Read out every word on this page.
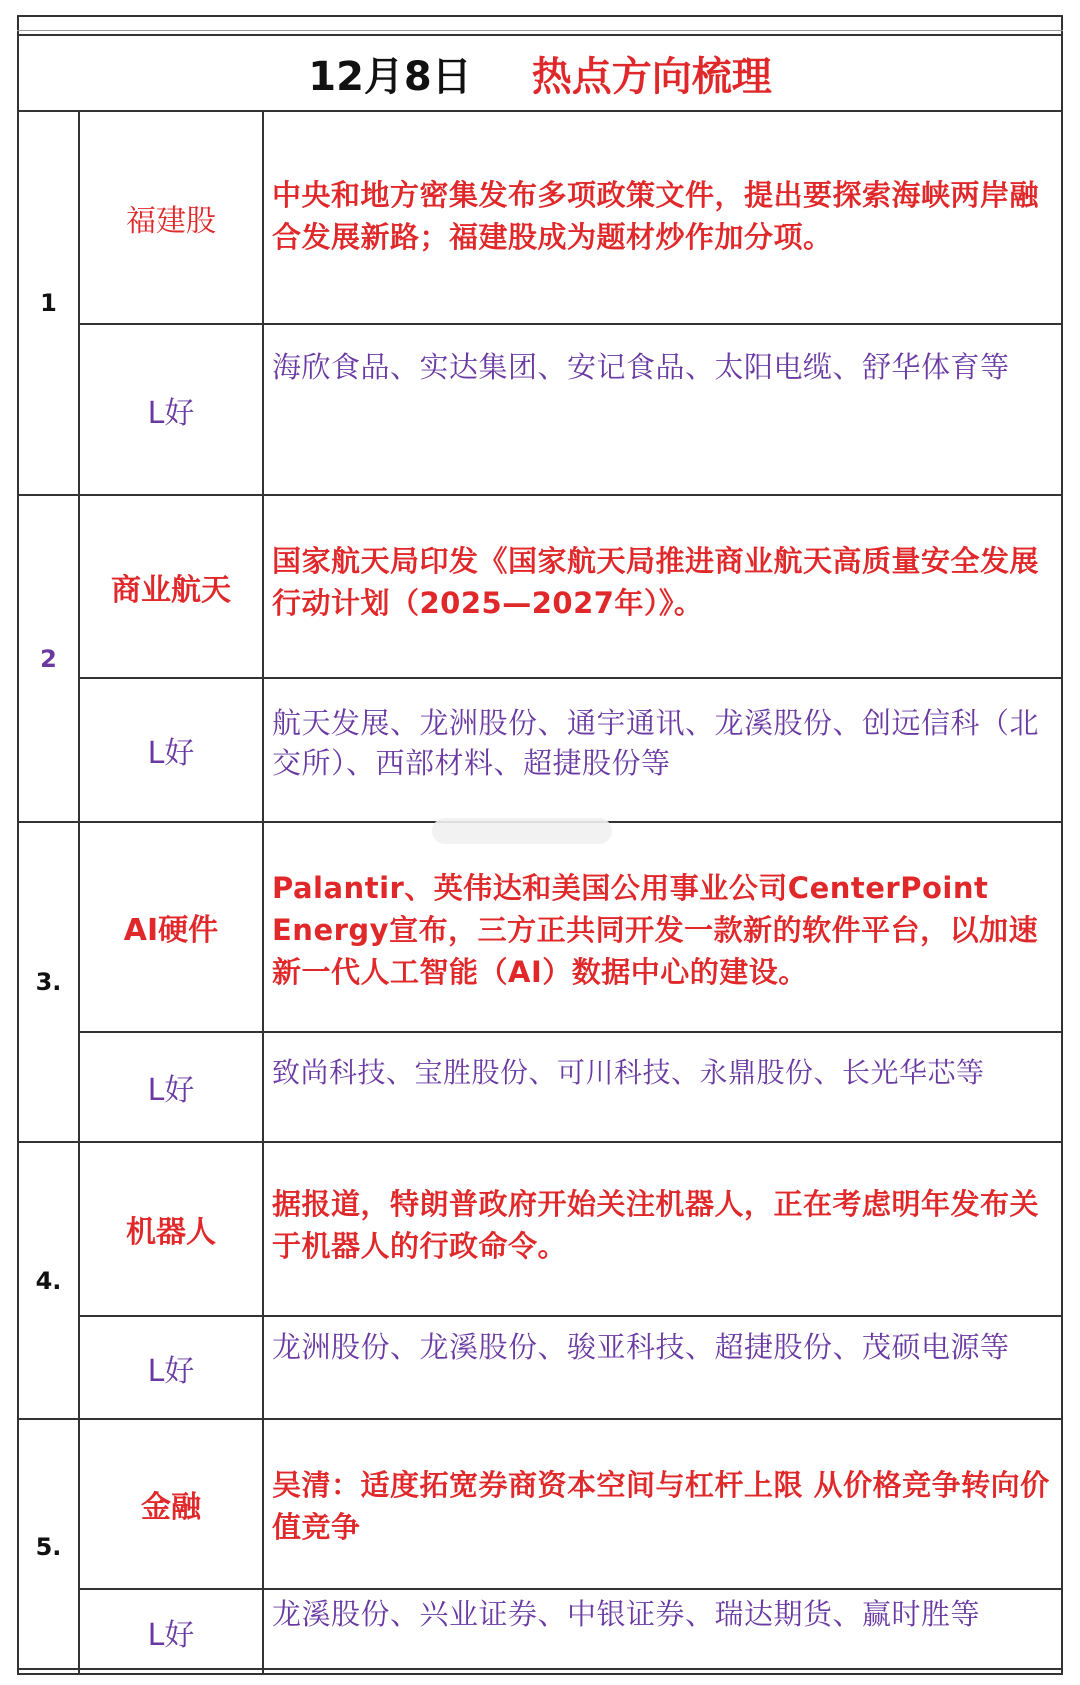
12月8日 热点方向梳理		
1	福建股	中央和地方密集发布多项政策文件，提出要探索海峡两岸融合发展新路；福建股成为题材炒作加分项。
	L好	海欣食品、实达集团、安记食品、太阳电缆、舒华体育等
2	商业航天	国家航天局印发《国家航天局推进商业航天高质量安全发展行动计划（2025—2027年）》。
	L好	航天发展、龙洲股份、通宇通讯、龙溪股份、创远信科（北交所）、西部材料、超捷股份等
3.	AI硬件	Palantir、英伟达和美国公用事业公司CenterPoint Energy宣布，三方正共同开发一款新的软件平台，以加速新一代人工智能（AI）数据中心的建设。
	L好	致尚科技、宝胜股份、可川科技、永鼎股份、长光华芯等
4.	机器人	据报道，特朗普政府开始关注机器人，正在考虑明年发布关于机器人的行政命令。
	L好	龙洲股份、龙溪股份、骏亚科技、超捷股份、茂硕电源等
5.	金融	吴清：适度拓宽券商资本空间与杠杆上限 从价格竞争转向价值竞争
	L好	龙溪股份、兴业证券、中银证券、瑞达期货、赢时胜等
